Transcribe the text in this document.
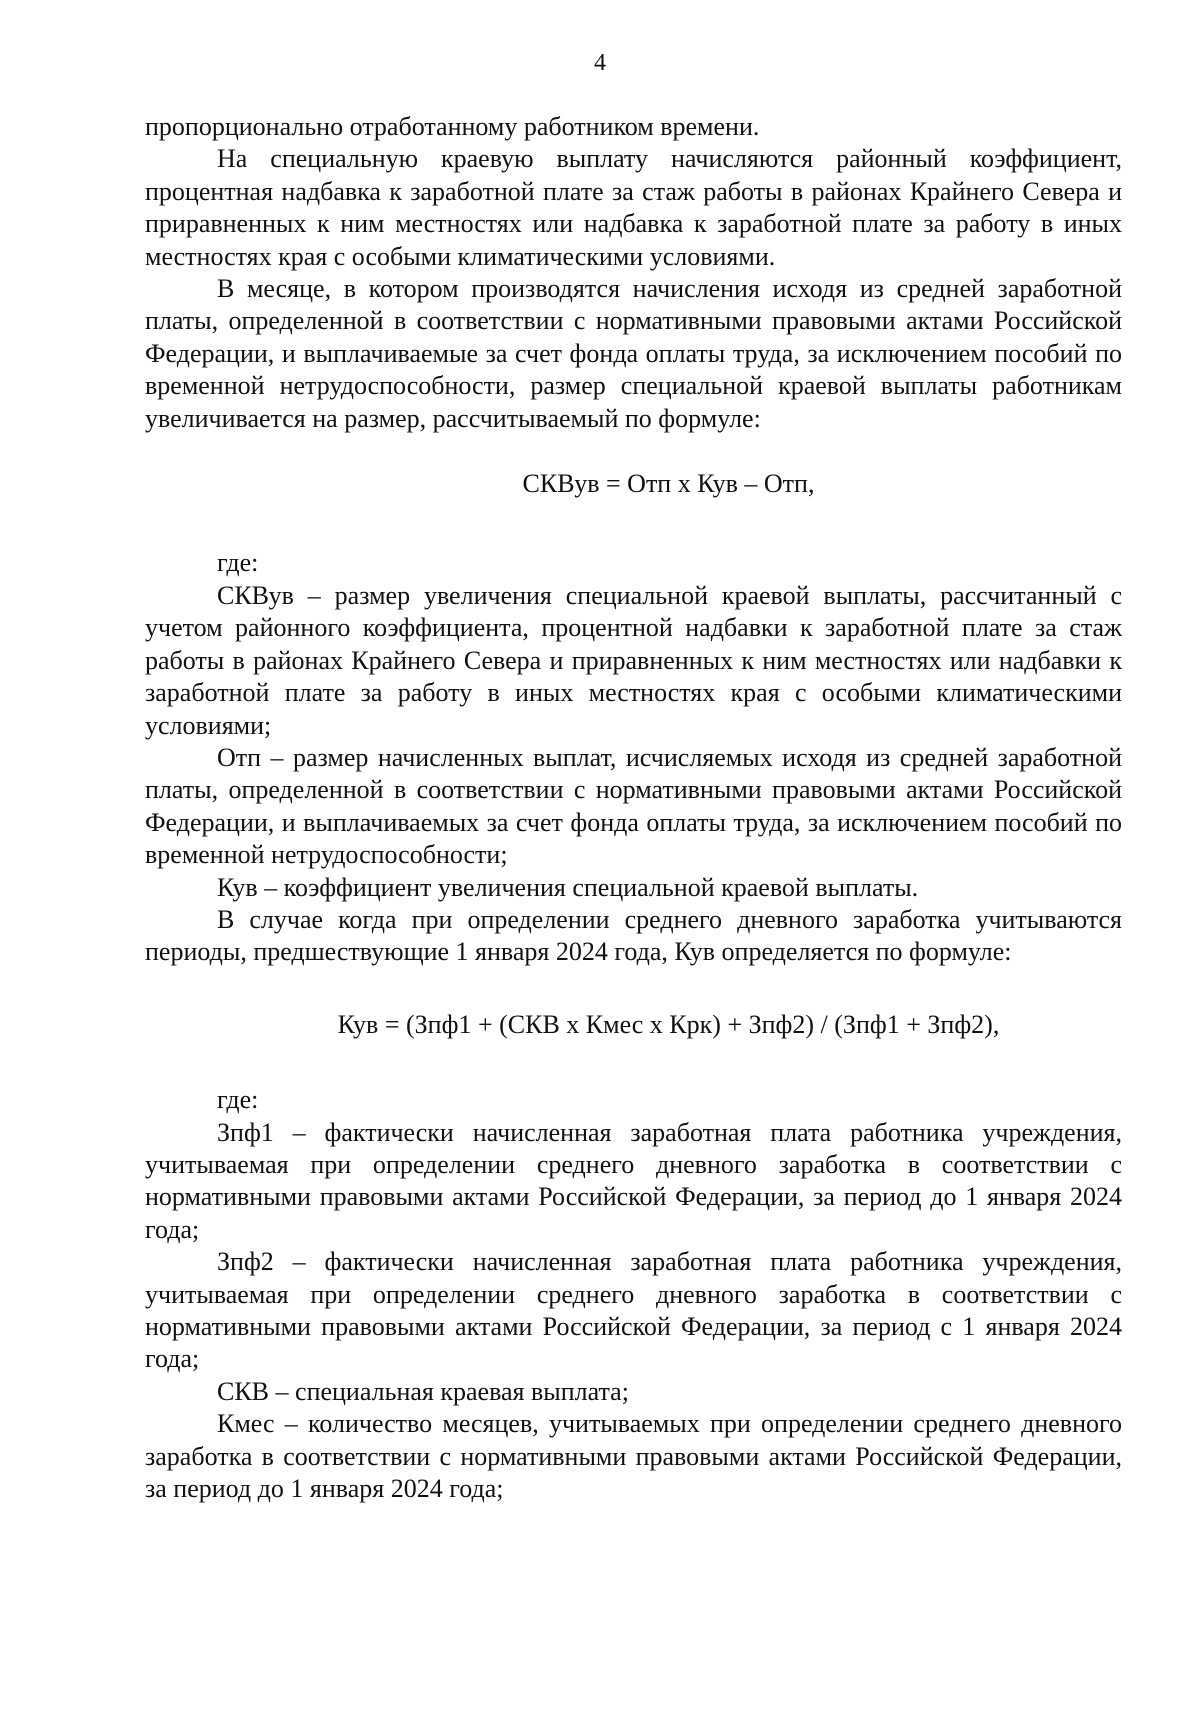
4

пропорционально отработанному работником времени.

На специальную краевую выплату начисляются районный коэффициент, процентная надбавка к заработной плате за стаж работы в районах Крайнего Севера и приравненных к ним местностях или надбавка к заработной плате за работу в иных местностях края с особыми климатическими условиями.

В месяце, в котором производятся начисления исходя из средней заработной платы, определенной в соответствии с нормативными правовыми актами Российской Федерации, и выплачиваемые за счет фонда оплаты труда, за исключением пособий по временной нетрудоспособности, размер специальной краевой выплаты работникам увеличивается на размер, рассчитываемый по формуле:

СКВув = Отп х Кув – Отп,

где:

СКВув – размер увеличения специальной краевой выплаты, рассчитанный с учетом районного коэффициента, процентной надбавки к заработной плате за стаж работы в районах Крайнего Севера и приравненных к ним местностях или надбавки к заработной плате за работу в иных местностях края с особыми климатическими условиями;

Отп – размер начисленных выплат, исчисляемых исходя из средней заработной платы, определенной в соответствии с нормативными правовыми актами Российской Федерации, и выплачиваемых за счет фонда оплаты труда, за исключением пособий по временной нетрудоспособности;

Кув – коэффициент увеличения специальной краевой выплаты.

В случае когда при определении среднего дневного заработка учитываются периоды, предшествующие 1 января 2024 года, Кув определяется по формуле:

Кув = (Зпф1 + (СКВ х Кмес х Крк) + Зпф2) / (Зпф1 + Зпф2),

где:

Зпф1 – фактически начисленная заработная плата работника учреждения, учитываемая при определении среднего дневного заработка в соответствии с нормативными правовыми актами Российской Федерации, за период до 1 января 2024 года;

Зпф2 – фактически начисленная заработная плата работника учреждения, учитываемая при определении среднего дневного заработка в соответствии с нормативными правовыми актами Российской Федерации, за период с 1 января 2024 года;

СКВ – специальная краевая выплата;

Кмес – количество месяцев, учитываемых при определении среднего дневного заработка в соответствии с нормативными правовыми актами Российской Федерации, за период до 1 января 2024 года;
